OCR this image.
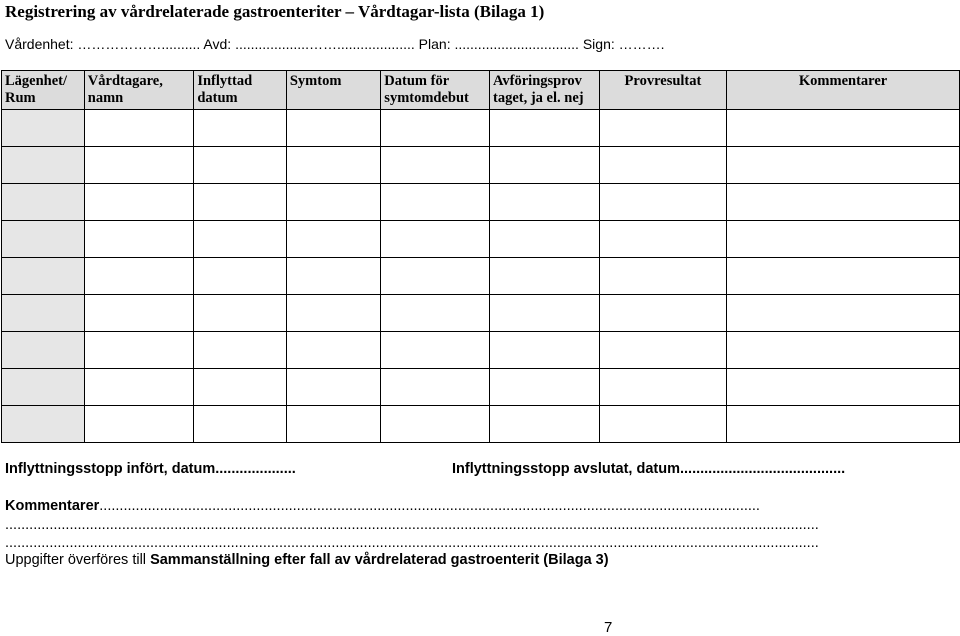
Registrering av vårdrelaterade gastroenteriter – Vårdtagar-lista (Bilaga 1)
Vårdenhet: ……………….......... Avd: ...................…….................... Plan: ................................ Sign: ……….
Lägenhet/ Rum	Vårdtagare, namn	Inflyttad datum	Symtom	Datum för symtomdebut	Avföringsprov taget, ja el. nej	Provresultat	Kommentarer

Inflyttningsstopp infört, datum....................	Inflyttningsstopp avslutat, datum.........................................
Kommentarer....................................................................................................................................................................
..........................................................................................................................................................................................................
..........................................................................................................................................................................................................
Uppgifter överföres till Sammanställning efter fall av vårdrelaterad gastroenterit (Bilaga 3)
7
